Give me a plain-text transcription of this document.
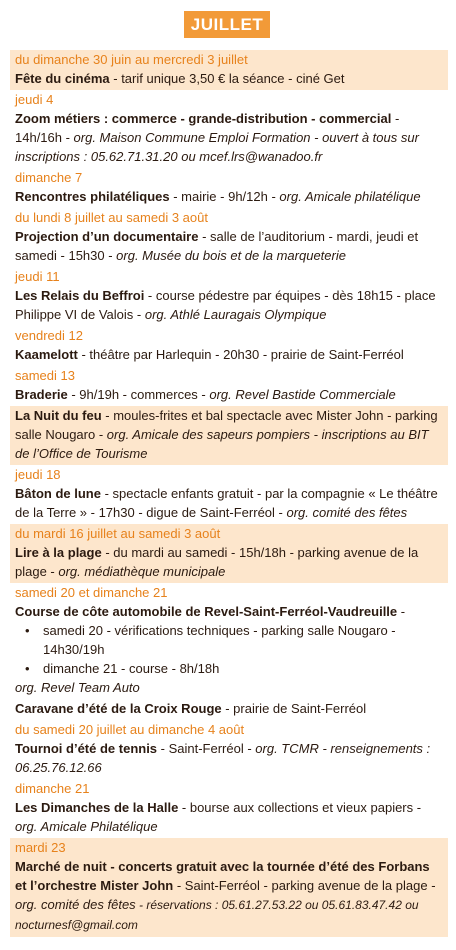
JUILLET
du dimanche 30 juin au mercredi 3 juillet
Fête du cinéma - tarif unique 3,50 € la séance - ciné Get
jeudi 4
Zoom métiers : commerce - grande-distribution - commercial - 14h/16h - org. Maison Commune Emploi Formation - ouvert à tous sur inscriptions : 05.62.71.31.20 ou mcef.lrs@wanadoo.fr
dimanche 7
Rencontres philatéliques - mairie - 9h/12h - org. Amicale philatélique
du lundi 8 juillet au samedi 3 août
Projection d’un documentaire - salle de l’auditorium - mardi, jeudi et samedi - 15h30 - org. Musée du bois et de la marqueterie
jeudi 11
Les Relais du Beffroi - course pédestre par équipes - dès 18h15 - place Philippe VI de Valois - org. Athlé Lauragais Olympique
vendredi 12
Kaamelott - théâtre par Harlequin - 20h30 - prairie de Saint-Ferréol
samedi 13
Braderie - 9h/19h - commerces - org. Revel Bastide Commerciale
La Nuit du feu - moules-frites et bal spectacle avec Mister John - parking salle Nougaro - org. Amicale des sapeurs pompiers - inscriptions au BIT de l’Office de Tourisme
jeudi 18
Bâton de lune - spectacle enfants gratuit - par la compagnie « Le théâtre de la Terre » - 17h30 - digue de Saint-Ferréol - org. comité des fêtes
du mardi 16 juillet au samedi 3 août
Lire à la plage - du mardi au samedi - 15h/18h - parking avenue de la plage - org. médiathèque municipale
samedi 20 et dimanche 21
Course de côte automobile de Revel-Saint-Ferréol-Vaudreuille -
• samedi 20 - vérifications techniques - parking salle Nougaro - 14h30/19h
• dimanche 21 - course - 8h/18h
org. Revel Team Auto
Caravane d’été de la Croix Rouge - prairie de Saint-Ferréol
du samedi 20 juillet au dimanche 4 août
Tournoi d’été de tennis - Saint-Ferréol - org. TCMR - renseignements : 06.25.76.12.66
dimanche 21
Les Dimanches de la Halle - bourse aux collections et vieux papiers - org. Amicale Philatélique
mardi 23
Marché de nuit - concerts gratuit avec la tournée d’été des Forbans et l’orchestre Mister John - Saint-Ferréol - parking avenue de la plage - org. comité des fêtes - réservations : 05.61.27.53.22 ou 05.61.83.47.42 ou nocturnesf@gmail.com
